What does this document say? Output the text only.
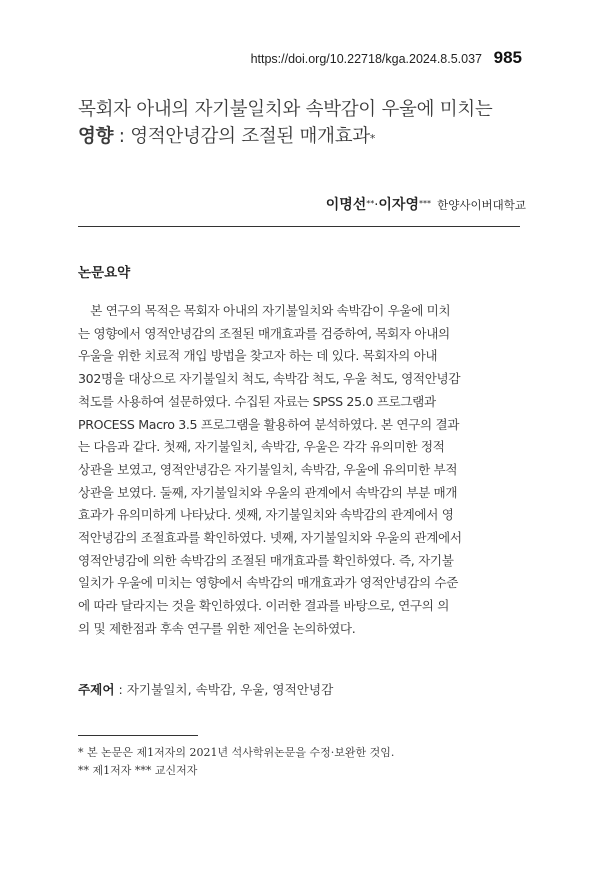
https://doi.org/10.22718/kga.2024.8.5.037 985
목회자 아내의 자기불일치와 속박감이 우울에 미치는
영향 : 영적안녕감의 조절된 매개효과*
이명선**·이자영*** 한양사이버대학교
논문요약
　본 연구의 목적은 목회자 아내의 자기불일치와 속박감이 우울에 미치
는 영향에서 영적안녕감의 조절된 매개효과를 검증하여, 목회자 아내의
우울을 위한 치료적 개입 방법을 찾고자 하는 데 있다. 목회자의 아내
302명을 대상으로 자기불일치 척도, 속박감 척도, 우울 척도, 영적안녕감
척도를 사용하여 설문하였다. 수집된 자료는 SPSS 25.0 프로그램과
PROCESS Macro 3.5 프로그램을 활용하여 분석하였다. 본 연구의 결과
는 다음과 같다. 첫째, 자기불일치, 속박감, 우울은 각각 유의미한 정적
상관을 보였고, 영적안녕감은 자기불일치, 속박감, 우울에 유의미한 부적
상관을 보였다. 둘째, 자기불일치와 우울의 관계에서 속박감의 부분 매개
효과가 유의미하게 나타났다. 셋째, 자기불일치와 속박감의 관계에서 영
적안녕감의 조절효과를 확인하였다. 넷째, 자기불일치와 우울의 관계에서
영적안녕감에 의한 속박감의 조절된 매개효과를 확인하였다. 즉, 자기불
일치가 우울에 미치는 영향에서 속박감의 매개효과가 영적안녕감의 수준
에 따라 달라지는 것을 확인하였다. 이러한 결과를 바탕으로, 연구의 의
의 및 제한점과 후속 연구를 위한 제언을 논의하였다.
주제어 : 자기불일치, 속박감, 우울, 영적안녕감
* 본 논문은 제1저자의 2021년 석사학위논문을 수정·보완한 것임.
** 제1저자 *** 교신저자
